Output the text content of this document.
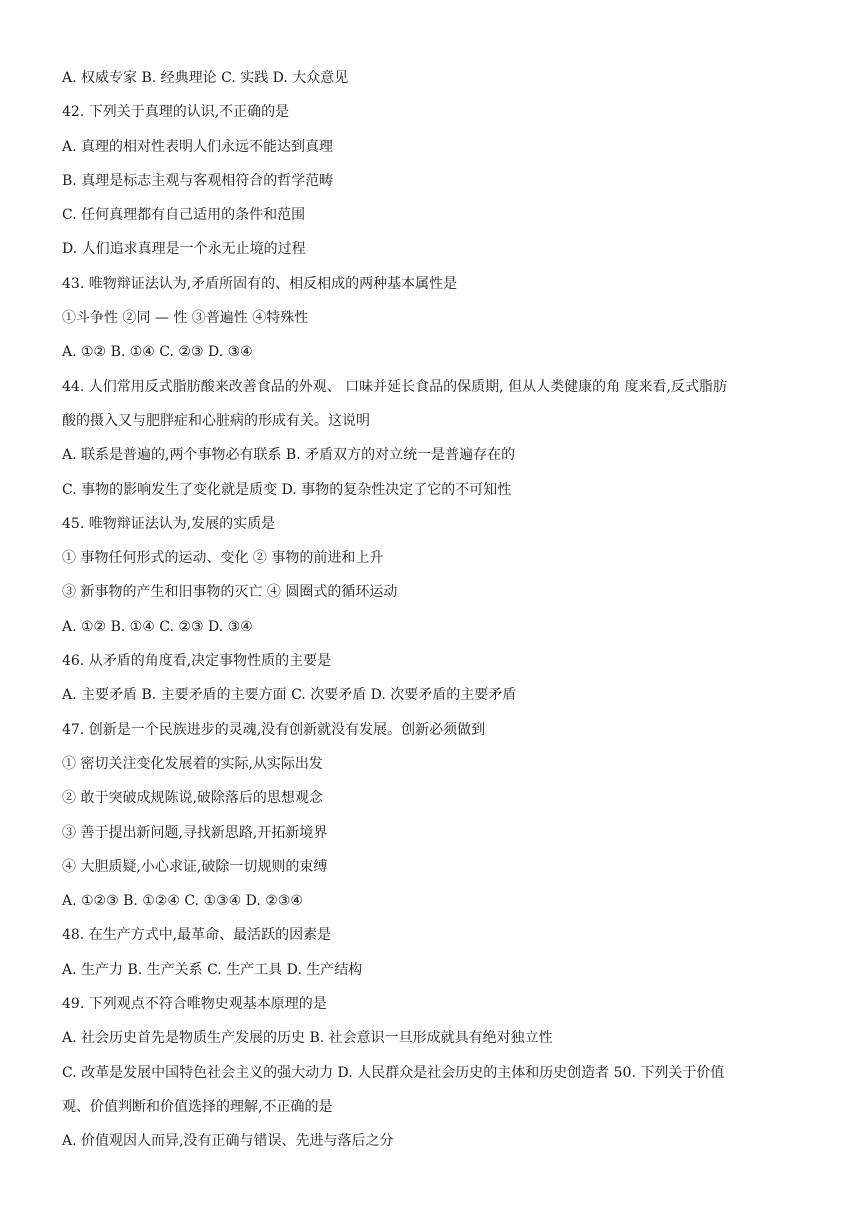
A. 权威专家 B. 经典理论 C. 实践 D. 大众意见
42. 下列关于真理的认识,不正确的是
A. 真理的相对性表明人们永远不能达到真理
B. 真理是标志主观与客观相符合的哲学范畴
C. 任何真理都有自己适用的条件和范围
D. 人们追求真理是一个永无止境的过程
43. 唯物辩证法认为,矛盾所固有的、相反相成的两种基本属性是
①斗争性 ②同 — 性 ③普遍性 ④特殊性
A. ①② B. ①④ C. ②③ D. ③④
44. 人们常用反式脂肪酸来改善食品的外观、 口味并延长食品的保质期, 但从人类健康的角 度来看,反式脂肪
酸的摄入又与肥胖症和心脏病的形成有关。这说明
A. 联系是普遍的,两个事物必有联系 B. 矛盾双方的对立统一是普遍存在的
C. 事物的影响发生了变化就是质变 D. 事物的复杂性决定了它的不可知性
45. 唯物辩证法认为,发展的实质是
① 事物任何形式的运动、变化 ② 事物的前进和上升
③ 新事物的产生和旧事物的灭亡 ④ 圆圈式的循环运动
A. ①② B. ①④ C. ②③ D. ③④
46. 从矛盾的角度看,决定事物性质的主要是
A. 主要矛盾 B. 主要矛盾的主要方面 C. 次要矛盾 D. 次要矛盾的主要矛盾
47. 创新是一个民族进步的灵魂,没有创新就没有发展。创新必须做到
① 密切关注变化发展着的实际,从实际出发
② 敢于突破成规陈说,破除落后的思想观念
③ 善于提出新问题,寻找新思路,开拓新境界
④ 大胆质疑,小心求证,破除一切规则的束缚
A. ①②③ B. ①②④ C. ①③④ D. ②③④
48. 在生产方式中,最革命、最活跃的因素是
A. 生产力 B. 生产关系 C. 生产工具 D. 生产结构
49. 下列观点不符合唯物史观基本原理的是
A. 社会历史首先是物质生产发展的历史 B. 社会意识一旦形成就具有绝对独立性
C. 改革是发展中国特色社会主义的强大动力 D. 人民群众是社会历史的主体和历史创造者 50. 下列关于价值
观、价值判断和价值选择的理解,不正确的是
A. 价值观因人而异,没有正确与错误、先进与落后之分
